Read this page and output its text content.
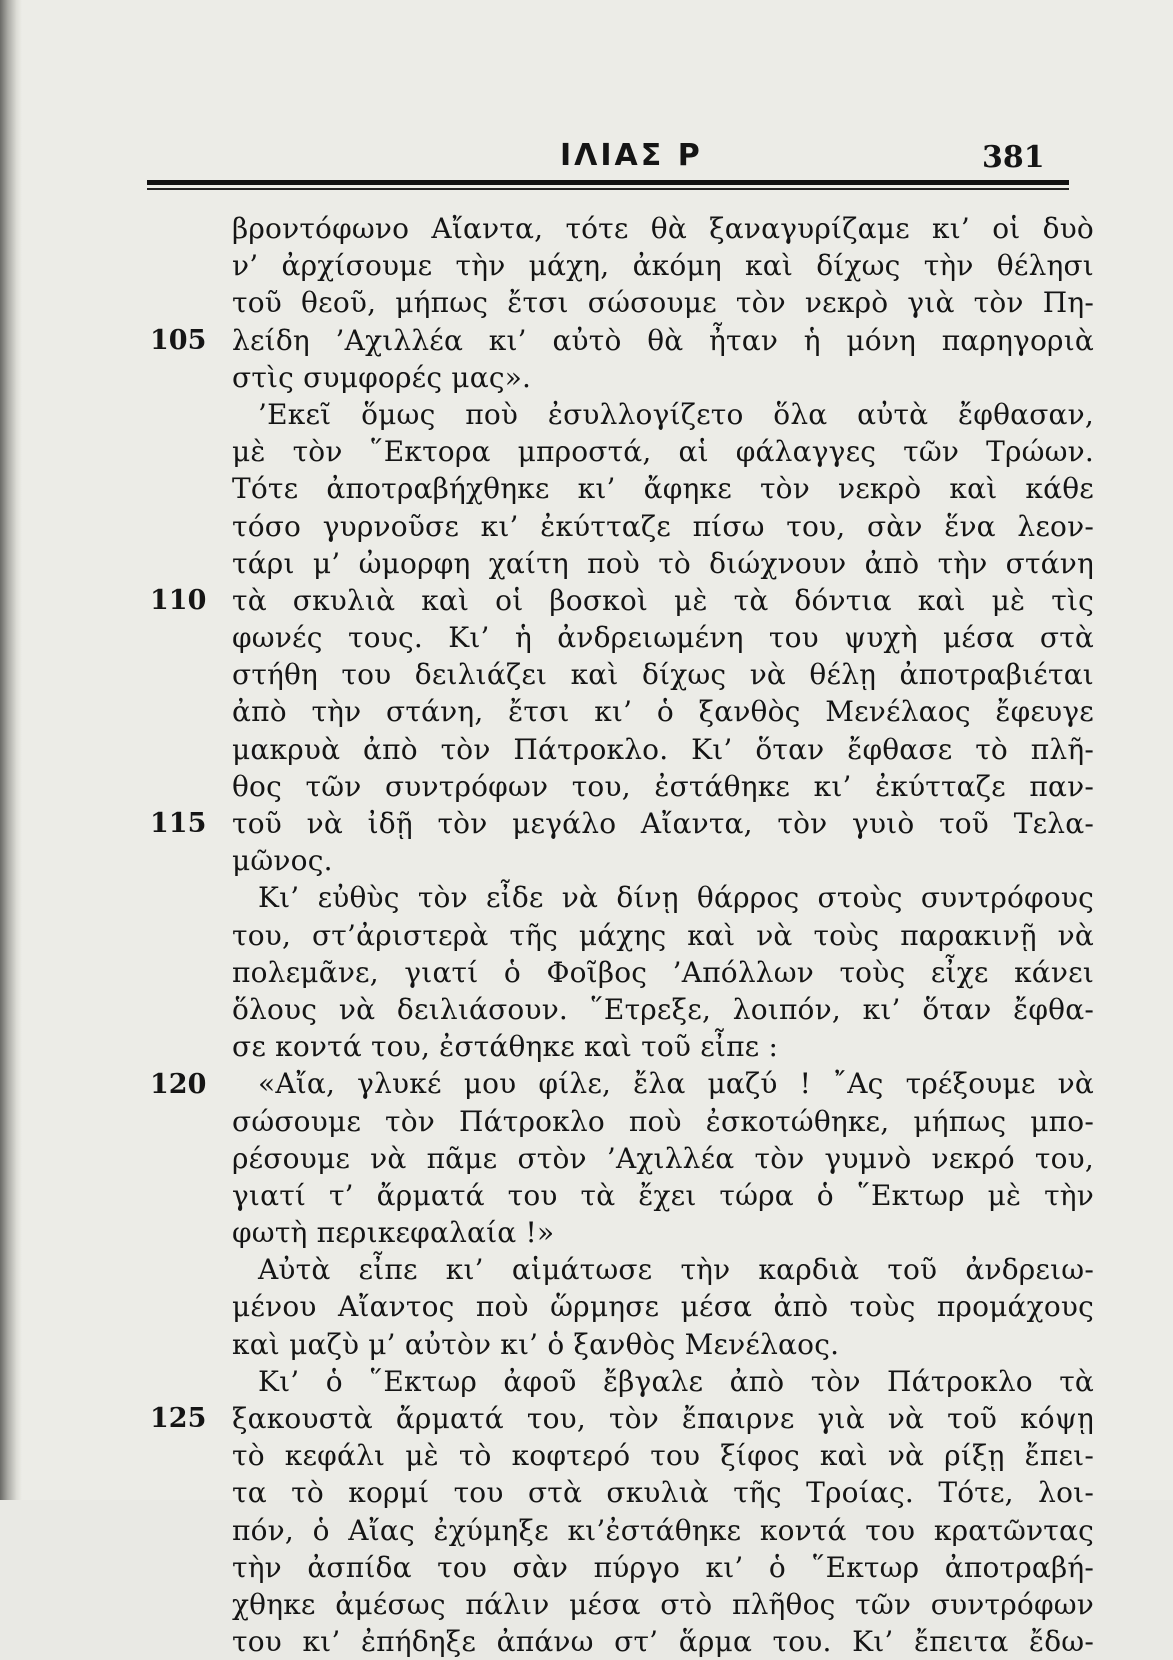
ΙΛΙΑΣ Ρ	381
βροντόφωνο Αἴαντα, τότε θὰ ξαναγυρίζαμε κι’ οἱ δυὸ
ν’ ἀρχίσουμε τὴν μάχη, ἀκόμη καὶ δίχως τὴν θέλησι
τοῦ θεοῦ, μήπως ἔτσι σώσουμε τὸν νεκρὸ γιὰ τὸν Πη-
λείδη ’Αχιλλέα κι’ αὐτὸ θὰ ἦταν ἡ μόνη παρηγοριὰ
στὶς συμφορές μας».
’Εκεῖ ὅμως ποὺ ἐσυλλογίζετο ὅλα αὐτὰ ἔφθασαν,
μὲ τὸν ῞Εκτορα μπροστά, αἱ φάλαγγες τῶν Τρώων.
Τότε ἀποτραβήχθηκε κι’ ἄφηκε τὸν νεκρὸ καὶ κάθε
τόσο γυρνοῦσε κι’ ἐκύτταζε πίσω του, σὰν ἕνα λεον-
τάρι μ’ ὠμορφη χαίτη ποὺ τὸ διώχνουν ἀπὸ τὴν στάνη
τὰ σκυλιὰ καὶ οἱ βοσκοὶ μὲ τὰ δόντια καὶ μὲ τὶς
φωνές τους. Κι’ ἡ ἀνδρειωμένη του ψυχὴ μέσα στὰ
στήθη του δειλιάζει καὶ δίχως νὰ θέλῃ ἀποτραβιέται
ἀπὸ τὴν στάνη, ἔτσι κι’ ὁ ξανθὸς Μενέλαος ἔφευγε
μακρυὰ ἀπὸ τὸν Πάτροκλο. Κι’ ὅταν ἔφθασε τὸ πλῆ-
θος τῶν συντρόφων του, ἐστάθηκε κι’ ἐκύτταζε παν-
τοῦ νὰ ἰδῇ τὸν μεγάλο Αἴαντα, τὸν γυιὸ τοῦ Τελα-
μῶνος.
Κι’ εὐθὺς τὸν εἶδε νὰ δίνῃ θάρρος στοὺς συντρόφους
του, στ’ἀριστερὰ τῆς μάχης καὶ νὰ τοὺς παρακινῇ νὰ
πολεμᾶνε, γιατί ὁ Φοῖβος ’Απόλλων τοὺς εἶχε κάνει
ὅλους νὰ δειλιάσουν. ῞Ετρεξε, λοιπόν, κι’ ὅταν ἔφθα-
σε κοντά του, ἐστάθηκε καὶ τοῦ εἶπε :
«Αἴα, γλυκέ μου φίλε, ἔλα μαζύ ! ῎Ας τρέξουμε νὰ
σώσουμε τὸν Πάτροκλο ποὺ ἐσκοτώθηκε, μήπως μπο-
ρέσουμε νὰ πᾶμε στὸν ’Αχιλλέα τὸν γυμνὸ νεκρό του,
γιατί τ’ ἄρματά του τὰ ἔχει τώρα ὁ ῞Εκτωρ μὲ τὴν
φωτὴ περικεφαλαία !»
Αὐτὰ εἶπε κι’ αἱμάτωσε τὴν καρδιὰ τοῦ ἀνδρειω-
μένου Αἴαντος ποὺ ὥρμησε μέσα ἀπὸ τοὺς προμάχους
καὶ μαζὺ μ’ αὐτὸν κι’ ὁ ξανθὸς Μενέλαος.
Κι’ ὁ ῞Εκτωρ ἀφοῦ ἔβγαλε ἀπὸ τὸν Πάτροκλο τὰ
ξακουστὰ ἄρματά του, τὸν ἔπαιρνε γιὰ νὰ τοῦ κόψῃ
τὸ κεφάλι μὲ τὸ κοφτερό του ξίφος καὶ νὰ ρίξῃ ἔπει-
τα τὸ κορμί του στὰ σκυλιὰ τῆς Τροίας. Τότε, λοι-
πόν, ὁ Αἴας ἐχύμηξε κι’ἐστάθηκε κοντά του κρατῶντας
τὴν ἀσπίδα του σὰν πύργο κι’ ὁ ῞Εκτωρ ἀποτραβή-
χθηκε ἀμέσως πάλιν μέσα στὸ πλῆθος τῶν συντρόφων
του κι’ ἐπήδηξε ἀπάνω στ’ ἅρμα του. Κι’ ἔπειτα ἔδω-
105
110
115
120
125
